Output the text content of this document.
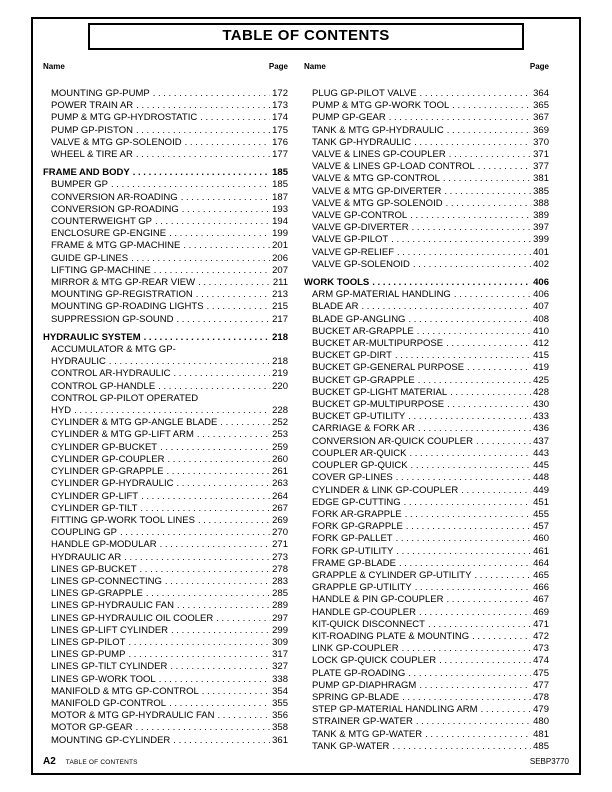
TABLE OF CONTENTS
Name	Page
MOUNTING GP-PUMP . . .	172
POWER TRAIN AR . . .	173
PUMP & MTG GP-HYDROSTATIC . . .	174
PUMP GP-PISTON . . .	175
VALVE & MTG GP-SOLENOID . . .	176
WHEEL & TIRE AR . . .	177
FRAME AND BODY . . .	185
BUMPER GP . . .	185
CONVERSION AR-ROADING . . .	187
CONVERSION GP-ROADING . . .	193
COUNTERWEIGHT GP . . .	194
ENCLOSURE GP-ENGINE . . .	199
FRAME & MTG GP-MACHINE . . .	201
GUIDE GP-LINES . . .	206
LIFTING GP-MACHINE . . .	207
MIRROR & MTG GP-REAR VIEW . . .	211
MOUNTING GP-REGISTRATION . . .	213
MOUNTING GP-ROADING LIGHTS . . .	215
SUPPRESSION GP-SOUND . . .	217
HYDRAULIC SYSTEM . . .	218
ACCUMULATOR & MTG GP-
HYDRAULIC . . .	218
CONTROL AR-HYDRAULIC . . .	219
CONTROL GP-HANDLE . . .	220
CONTROL GP-PILOT OPERATED
HYD . . .	228
CYLINDER & MTG GP-ANGLE BLADE . . .	252
CYLINDER & MTG GP-LIFT ARM . . .	253
CYLINDER GP-BUCKET . . .	259
CYLINDER GP-COUPLER . . .	260
CYLINDER GP-GRAPPLE . . .	261
CYLINDER GP-HYDRAULIC . . .	263
CYLINDER GP-LIFT . . .	264
CYLINDER GP-TILT . . .	267
FITTING GP-WORK TOOL LINES . . .	269
COUPLING GP . . .	270
HANDLE GP-MODULAR . . .	271
HYDRAULIC AR . . .	273
LINES GP-BUCKET . . .	278
LINES GP-CONNECTING . . .	283
LINES GP-GRAPPLE . . .	285
LINES GP-HYDRAULIC FAN . . .	289
LINES GP-HYDRAULIC OIL COOLER . . .	297
LINES GP-LIFT CYLINDER . . .	299
LINES GP-PILOT . . .	309
LINES GP-PUMP . . .	317
LINES GP-TILT CYLINDER . . .	327
LINES GP-WORK TOOL . . .	338
MANIFOLD & MTG GP-CONTROL . . .	354
MANIFOLD GP-CONTROL . . .	355
MOTOR & MTG GP-HYDRAULIC FAN . . .	356
MOTOR GP-GEAR . . .	358
MOUNTING GP-CYLINDER . . .	361
Name	Page
PLUG GP-PILOT VALVE . . .	364
PUMP & MTG GP-WORK TOOL . . .	365
PUMP GP-GEAR . . .	367
TANK & MTG GP-HYDRAULIC . . .	369
TANK GP-HYDRAULIC . . .	370
VALVE & LINES GP-COUPLER . . .	371
VALVE & LINES GP-LOAD CONTROL . . .	377
VALVE & MTG GP-CONTROL . . .	381
VALVE & MTG GP-DIVERTER . . .	385
VALVE & MTG GP-SOLENOID . . .	388
VALVE GP-CONTROL . . .	389
VALVE GP-DIVERTER . . .	397
VALVE GP-PILOT . . .	399
VALVE GP-RELIEF . . .	401
VALVE GP-SOLENOID . . .	402
WORK TOOLS . . .	406
ARM GP-MATERIAL HANDLING . . .	406
BLADE AR . . .	407
BLADE GP-ANGLING . . .	408
BUCKET AR-GRAPPLE . . .	410
BUCKET AR-MULTIPURPOSE . . .	412
BUCKET GP-DIRT . . .	415
BUCKET GP-GENERAL PURPOSE . . .	419
BUCKET GP-GRAPPLE . . .	425
BUCKET GP-LIGHT MATERIAL . . .	428
BUCKET GP-MULTIPURPOSE . . .	430
BUCKET GP-UTILITY . . .	433
CARRIAGE & FORK AR . . .	436
CONVERSION AR-QUICK COUPLER . . .	437
COUPLER AR-QUICK . . .	443
COUPLER GP-QUICK . . .	445
COVER GP-LINES . . .	448
CYLINDER & LINK GP-COUPLER . . .	449
EDGE GP-CUTTING . . .	451
FORK AR-GRAPPLE . . .	455
FORK GP-GRAPPLE . . .	457
FORK GP-PALLET . . .	460
FORK GP-UTILITY . . .	461
FRAME GP-BLADE . . .	464
GRAPPLE & CYLINDER GP-UTILITY . . .	465
GRAPPLE GP-UTILITY . . .	466
HANDLE & PIN GP-COUPLER . . .	467
HANDLE GP-COUPLER . . .	469
KIT-QUICK DISCONNECT . . .	471
KIT-ROADING PLATE & MOUNTING . . .	472
LINK GP-COUPLER . . .	473
LOCK GP-QUICK COUPLER . . .	474
PLATE GP-ROADING . . .	475
PUMP GP-DIAPHRAGM . . .	477
SPRING GP-BLADE . . .	478
STEP GP-MATERIAL HANDLING ARM . . .	479
STRAINER GP-WATER . . .	480
TANK & MTG GP-WATER . . .	481
TANK GP-WATER . . .	485
A2 TABLE OF CONTENTS	SEBP3770
